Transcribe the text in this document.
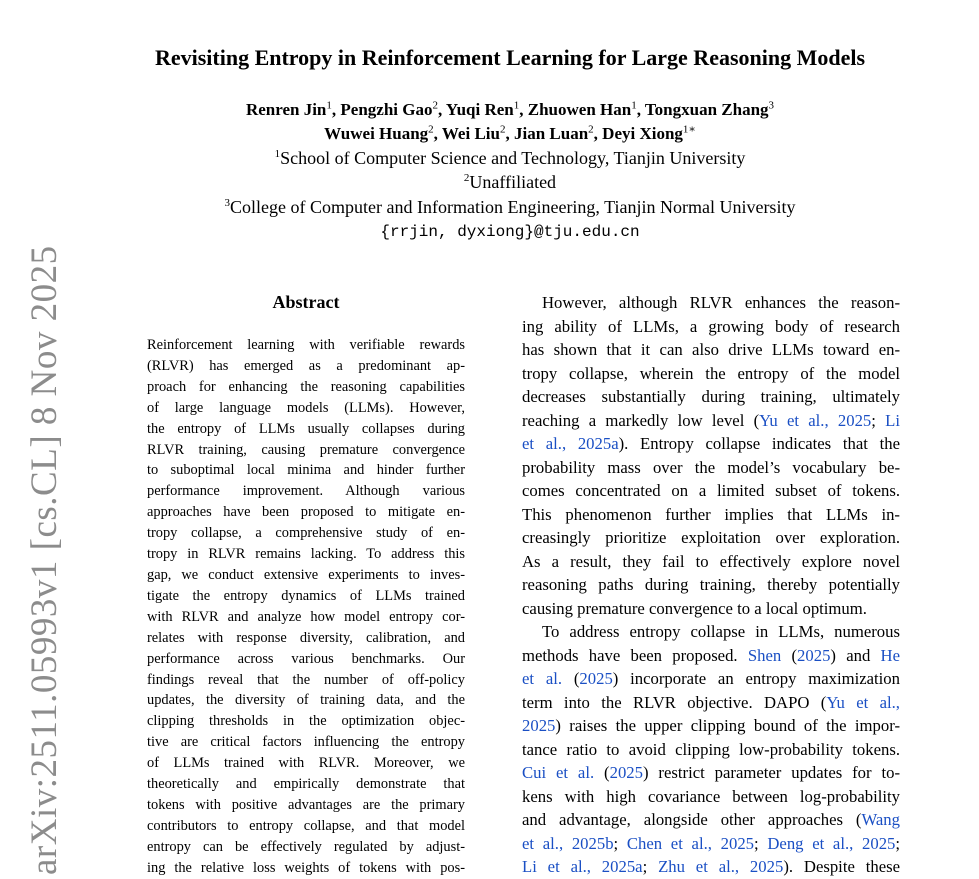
arXiv:2511.05993v1 [cs.CL] 8 Nov 2025
Revisiting Entropy in Reinforcement Learning for Large Reasoning Models
Renren Jin$^1$, Pengzhi Gao$^2$, Yuqi Ren$^1$, Zhuowen Han$^1$, Tongxuan Zhang$^3$
Wuwei Huang$^2$, Wei Liu$^2$, Jian Luan$^2$, Deyi Xiong$^{1∗}$
$^1$School of Computer Science and Technology, Tianjin University
$^2$Unaffiliated
$^3$College of Computer and Information Engineering, Tianjin Normal University
{rrjin, dyxiong}@tju.edu.cn
Abstract
Reinforcement learning with verifiable rewards
(RLVR) has emerged as a predominant ap-
proach for enhancing the reasoning capabilities
of large language models (LLMs). However,
the entropy of LLMs usually collapses during
RLVR training, causing premature convergence
to suboptimal local minima and hinder further
performance improvement. Although various
approaches have been proposed to mitigate en-
tropy collapse, a comprehensive study of en-
tropy in RLVR remains lacking. To address this
gap, we conduct extensive experiments to inves-
tigate the entropy dynamics of LLMs trained
with RLVR and analyze how model entropy cor-
relates with response diversity, calibration, and
performance across various benchmarks. Our
findings reveal that the number of off-policy
updates, the diversity of training data, and the
clipping thresholds in the optimization objec-
tive are critical factors influencing the entropy
of LLMs trained with RLVR. Moreover, we
theoretically and empirically demonstrate that
tokens with positive advantages are the primary
contributors to entropy collapse, and that model
entropy can be effectively regulated by adjust-
ing the relative loss weights of tokens with pos-
However, although RLVR enhances the reason-
ing ability of LLMs, a growing body of research
has shown that it can also drive LLMs toward en-
tropy collapse, wherein the entropy of the model
decreases substantially during training, ultimately
reaching a markedly low level (Yu et al., 2025; Li
et al., 2025a). Entropy collapse indicates that the
probability mass over the model’s vocabulary be-
comes concentrated on a limited subset of tokens.
This phenomenon further implies that LLMs in-
creasingly prioritize exploitation over exploration.
As a result, they fail to effectively explore novel
reasoning paths during training, thereby potentially
causing premature convergence to a local optimum.
To address entropy collapse in LLMs, numerous
methods have been proposed. Shen (2025) and He
et al. (2025) incorporate an entropy maximization
term into the RLVR objective. DAPO (Yu et al.,
2025) raises the upper clipping bound of the impor-
tance ratio to avoid clipping low-probability tokens.
Cui et al. (2025) restrict parameter updates for to-
kens with high covariance between log-probability
and advantage, alongside other approaches (Wang
et al., 2025b; Chen et al., 2025; Deng et al., 2025;
Li et al., 2025a; Zhu et al., 2025). Despite these
